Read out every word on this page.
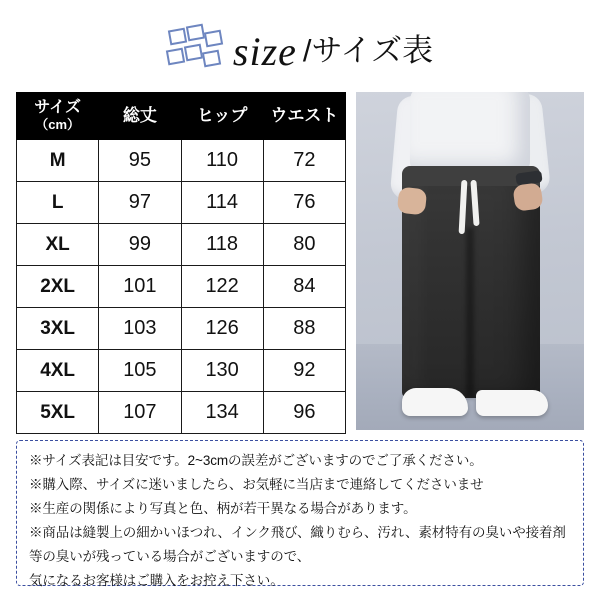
size /サイズ表
サイズ
（cm）	総丈	ヒップ	ウエスト
M	95	110	72
L	97	114	76
XL	99	118	80
2XL	101	122	84
3XL	103	126	88
4XL	105	130	92
5XL	107	134	96

※サイズ表記は目安です。2~3cmの誤差がございますのでご了承ください。

※購入際、サイズに迷いましたら、お気軽に当店まで連絡してくださいませ

※生産の関係により写真と色、柄が若干異なる場合があります。

※商品は縫製上の細かいほつれ、インク飛び、織りむら、汚れ、素材特有の臭いや接着剤

等の臭いが残っている場合がございますので、

気になるお客様はご購入をお控え下さい。
